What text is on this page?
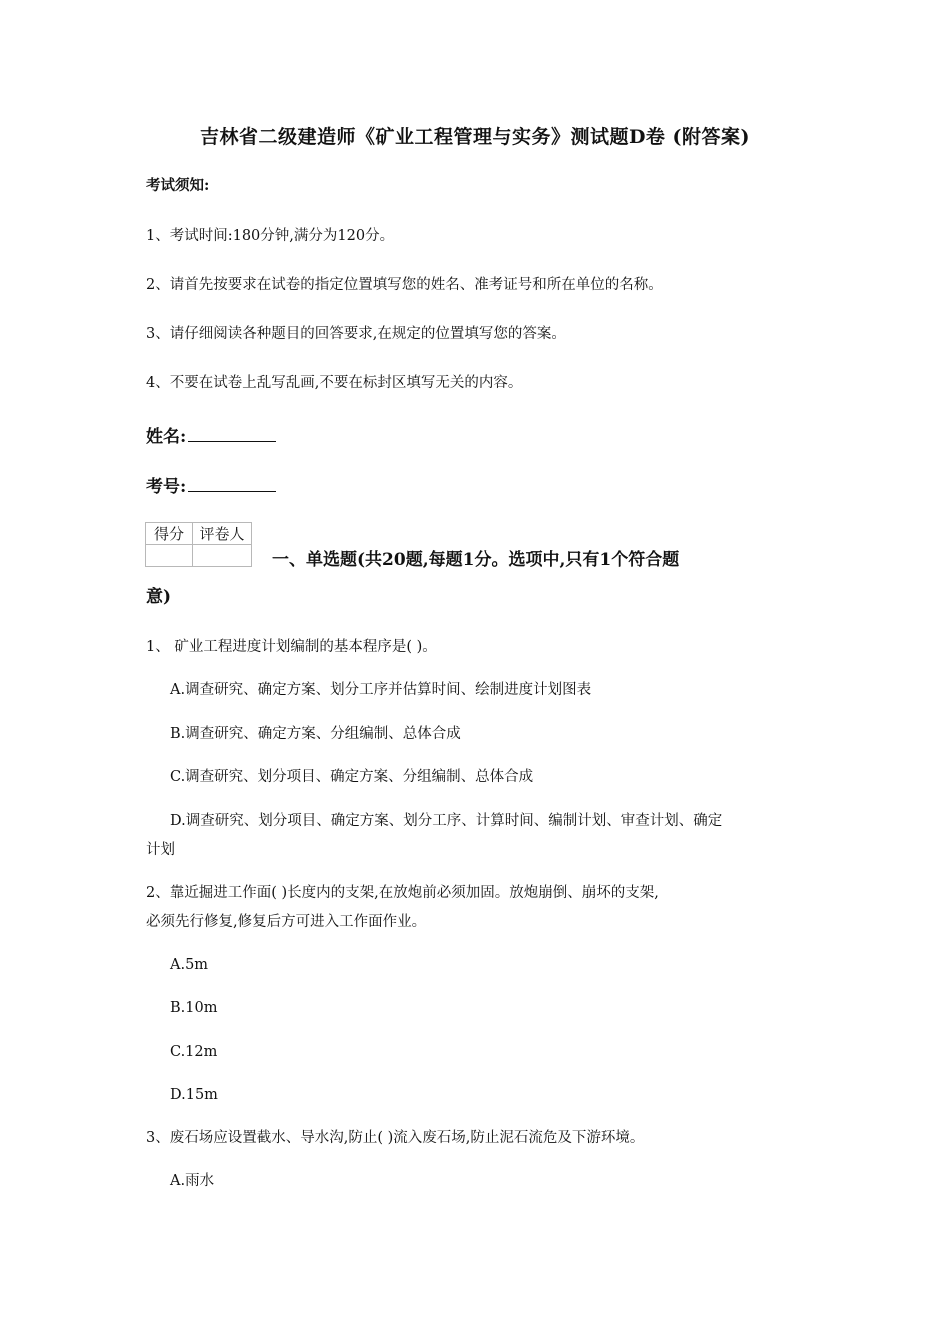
吉林省二级建造师《矿业工程管理与实务》测试题D卷 (附答案)
考试须知:
1、考试时间:180分钟,满分为120分。
2、请首先按要求在试卷的指定位置填写您的姓名、准考证号和所在单位的名称。
3、请仔细阅读各种题目的回答要求,在规定的位置填写您的答案。
4、不要在试卷上乱写乱画,不要在标封区填写无关的内容。
姓名:
考号:
得分	评卷人

一、单选题(共20题,每题1分。选项中,只有1个符合题
意)
1、 矿业工程进度计划编制的基本程序是( )。
A.调查研究、确定方案、划分工序并估算时间、绘制进度计划图表
B.调查研究、确定方案、分组编制、总体合成
C.调查研究、划分项目、确定方案、分组编制、总体合成
D.调查研究、划分项目、确定方案、划分工序、计算时间、编制计划、审查计划、确定
计划
2、靠近掘进工作面( )长度内的支架,在放炮前必须加固。放炮崩倒、崩坏的支架,
必须先行修复,修复后方可进入工作面作业。
A.5m
B.10m
C.12m
D.15m
3、废石场应设置截水、导水沟,防止( )流入废石场,防止泥石流危及下游环境。
A.雨水
